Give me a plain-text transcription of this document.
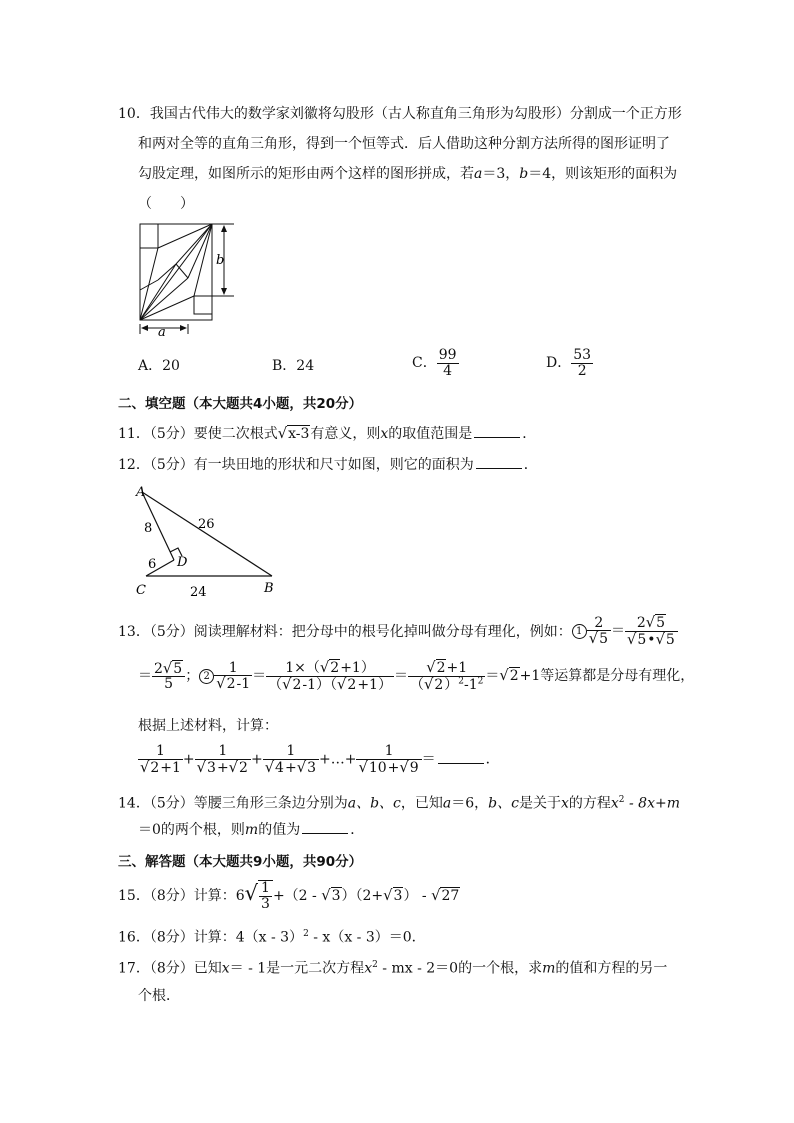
10．我国古代伟大的数学家刘徽将勾股形（古人称直角三角形为勾股形）分割成一个正方形
和两对全等的直角三角形，得到一个恒等式．后人借助这种分割方法所得的图形证明了
勾股定理，如图所示的矩形由两个这样的图形拼成，若a＝3，b＝4，则该矩形的面积为
（　　）
b
a
A．20	B．24	C． $\frac{99}{4}$	D． $\frac{53}{2}$
二、填空题（本大题共4小题，共20分）
11．（5分）要使二次根式√x-3有意义，则x的取值范围是	．
12．（5分）有一块田地的形状和尺寸如图，则它的面积为	．
A
B
C
D
8	26
6
24
13．（5分）阅读理解材料：把分母中的根号化掉叫做分母有理化，例如： $1 \frac{2}{√5} = \frac{2√5}{√5•√5}$
＝ $\frac{2√5}{5}$ ； $2 \frac{1}{√2-1} = \frac{1\times(√2+1)}{(√2-1)(√2+1)} = \frac{√2+1}{(√2)^2-1^2} =√2+1$等运算都是分母有理化，
根据上述材料，计算：
$\frac{1}{√2+1} + \frac{1}{√3+√2} + \frac{1}{√4+√3}$ +…+ $\frac{1}{√10+√9}$ ＝	．
14．（5分）等腰三角形三条边分别为a、b、c，已知a＝6，b、c是关于x的方程$x^2 - 8x+m$
＝0的两个根，则m的值为	．
三、解答题（本大题共9小题，共90分）
15．（8分）计算：$6√ \frac{1}{3} +(2 - √3)(2+√3) - √27$
16．（8分）计算：4（x - 3）$^2$ - x（x - 3）＝0．
17．（8分）已知x＝ - 1是一元二次方程$x^2$ - mx - 2＝0的一个根，求m的值和方程的另一
个根．
